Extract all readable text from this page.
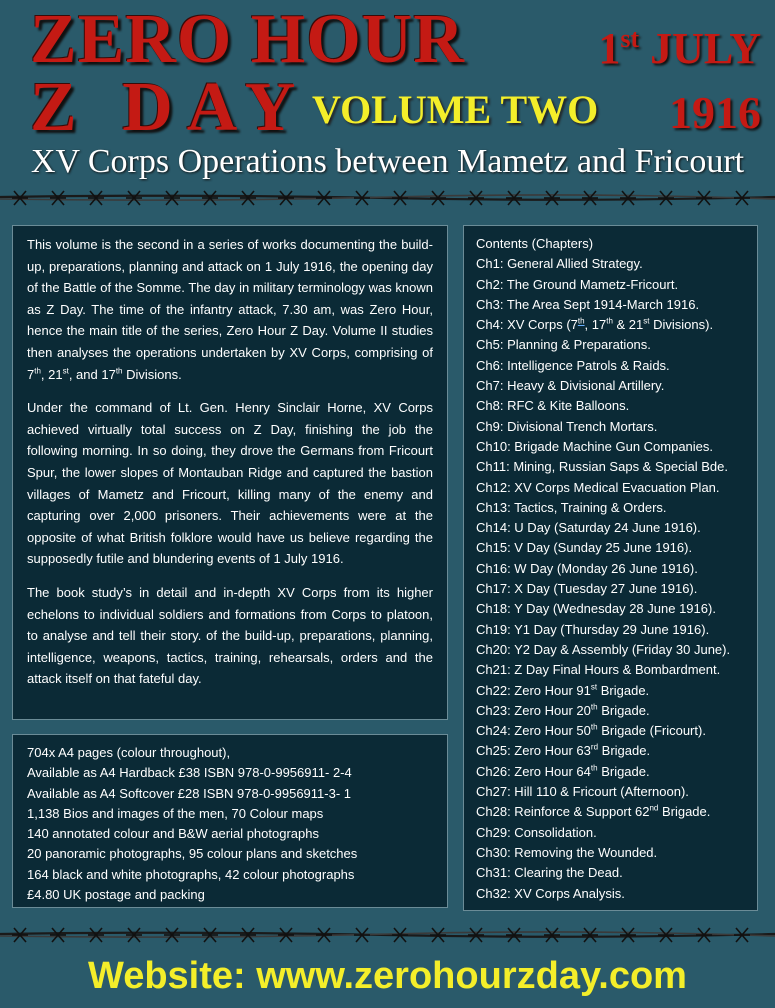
ZERO HOUR
Z DAY
1st JULY
1916
VOLUME TWO
XV Corps Operations between Mametz and Fricourt

This volume is the second in a series of works documenting the build-up, preparations, planning and attack on 1 July 1916, the opening day of the Battle of the Somme. The day in military terminology was known as Z Day. The time of the infantry attack, 7.30 am, was Zero Hour, hence the main title of the series, Zero Hour Z Day. Volume II studies then analyses the operations undertaken by XV Corps, comprising of 7th, 21st, and 17th Divisions.

Under the command of Lt. Gen. Henry Sinclair Horne, XV Corps achieved virtually total success on Z Day, finishing the job the following morning. In so doing, they drove the Germans from Fricourt Spur, the lower slopes of Montauban Ridge and captured the bastion villages of Mametz and Fricourt, killing many of the enemy and capturing over 2,000 prisoners. Their achievements were at the opposite of what British folklore would have us believe regarding the supposedly futile and blundering events of 1 July 1916.

The book study’s in detail and in-depth XV Corps from its higher echelons to individual soldiers and formations from Corps to platoon, to analyse and tell their story. of the build-up, preparations, planning, intelligence, weapons, tactics, training, rehearsals, orders and the attack itself on that fateful day.

704x A4 pages (colour throughout),
Available as A4 Hardback £38 ISBN 978-0-9956911- 2-4
Available as A4 Softcover £28 ISBN 978-0-9956911-3- 1
1,138 Bios and images of the men, 70 Colour maps
140 annotated colour and B&W aerial photographs
20 panoramic photographs, 95 colour plans and sketches
164 black and white photographs, 42 colour photographs
£4.80 UK postage and packing
Contents (Chapters)
Ch1: General Allied Strategy.
Ch2: The Ground Mametz-Fricourt.
Ch3: The Area Sept 1914-March 1916.
Ch4: XV Corps (7th, 17th & 21st Divisions).
Ch5: Planning & Preparations.
Ch6: Intelligence Patrols & Raids.
Ch7: Heavy & Divisional Artillery.
Ch8: RFC & Kite Balloons.
Ch9: Divisional Trench Mortars.
Ch10: Brigade Machine Gun Companies.
Ch11: Mining, Russian Saps & Special Bde.
Ch12: XV Corps Medical Evacuation Plan.
Ch13: Tactics, Training & Orders.
Ch14: U Day (Saturday 24 June 1916).
Ch15: V Day (Sunday 25 June 1916).
Ch16: W Day (Monday 26 June 1916).
Ch17: X Day (Tuesday 27 June 1916).
Ch18: Y Day (Wednesday 28 June 1916).
Ch19: Y1 Day (Thursday 29 June 1916).
Ch20: Y2 Day & Assembly (Friday 30 June).
Ch21: Z Day Final Hours & Bombardment.
Ch22: Zero Hour 91st Brigade.
Ch23: Zero Hour 20th Brigade.
Ch24: Zero Hour 50th Brigade (Fricourt).
Ch25: Zero Hour 63rd Brigade.
Ch26: Zero Hour 64th Brigade.
Ch27: Hill 110 & Fricourt (Afternoon).
Ch28: Reinforce & Support 62nd Brigade.
Ch29: Consolidation.
Ch30: Removing the Wounded.
Ch31: Clearing the Dead.
Ch32: XV Corps Analysis.
Website: www.zerohourzday.com
